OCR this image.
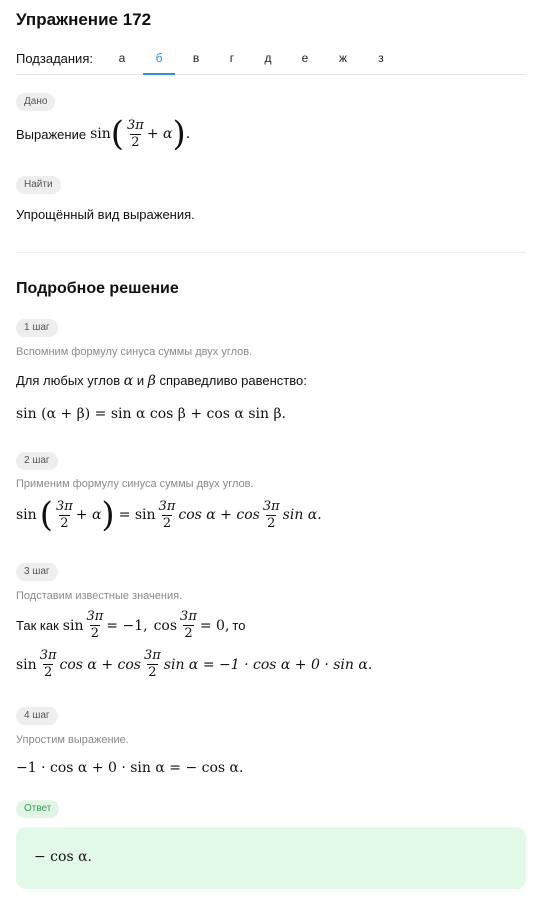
Упражнение 172
Подзадания:	а	б	в	г	д	е	ж	з
Дано
Выражение sin ( $\frac{3\pi}{2} + \alpha$ ) .
Найти
Упрощённый вид выражения.
Подробное решение
1 шаг
Вспомним формулу синуса суммы двух углов.
Для любых углов α и β справедливо равенство:
sin (α + β) = sin α cos β + cos α sin β.
2 шаг
Применим формулу синуса суммы двух углов.
sin ( $\frac{3\pi}{2} + \alpha$ ) = $\sin \frac{3\pi}{2}$ $\cos \alpha + \cos \frac{3\pi}{2}$ sin α.
3 шаг
Подставим известные значения.
Так как $\sin \frac{3\pi}{2} = -1$, $\cos \frac{3\pi}{2} = 0$, то
$\sin \frac{3\pi}{2}$ $\cos \alpha + \cos \frac{3\pi}{2}$ sin α = −1 · cos α + 0 · sin α.
4 шаг
Упростим выражение.
−1 · cos α + 0 · sin α = − cos α.
Ответ
− cos α.
